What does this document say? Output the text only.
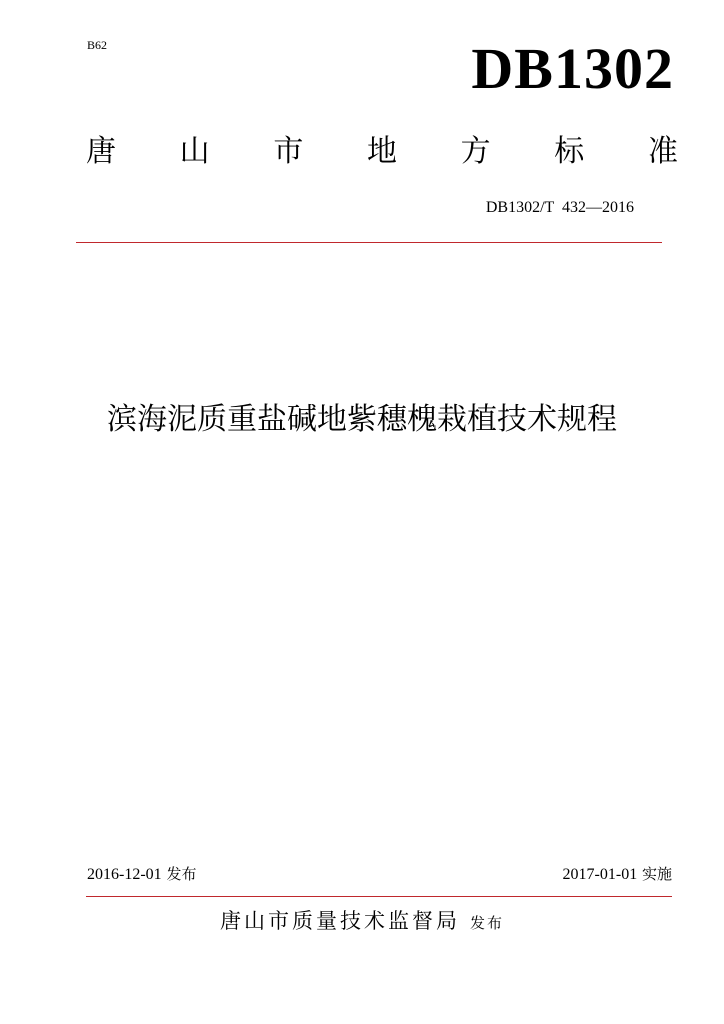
B62	DB1302
唐 山 市 地 方 标 准
DB1302/T  432—2016
滨海泥质重盐碱地紫穗槐栽植技术规程
2016-12-01 发布	2017-01-01 实施
唐山市质量技术监督局 发布
